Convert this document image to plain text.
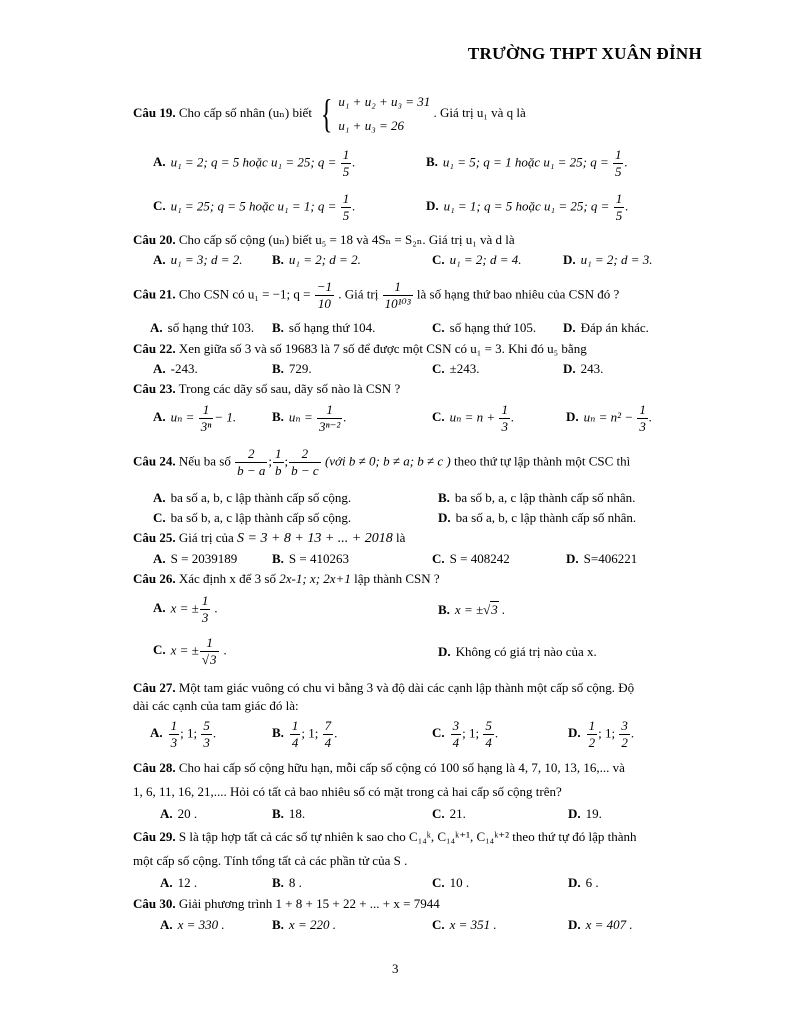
TRƯỜNG THPT XUÂN ĐỈNH
Câu 19. Cho cấp số nhân (uₙ) biết { u₁ + u₂ + u₃ = 31
u₁ + u₃ = 26
. Giá trị u₁ và q là
A. u₁ = 2; q = 5 hoặc u₁ = 25; $q = \frac{1}{5}$ .	B. u₁ = 5; q = 1 hoặc u₁ = 25; $q = \frac{1}{5}$ .
C. u₁ = 25; q = 5 hoặc u₁ = 1; $q = \frac{1}{5}$ .	D. u₁ = 1; q = 5 hoặc u₁ = 25; $q = \frac{1}{5}$ .
Câu 20. Cho cấp số cộng (uₙ) biết u₅ = 18 và 4Sₙ = S₂ₙ. Giá trị u₁ và d là
A. u₁ = 3; d = 2. B. u₁ = 2; d = 2.	C. u₁ = 2; d = 4.	D. u₁ = 2; d = 3.
Câu 21. Cho CSN có u₁ = −1; $q = \frac{-1}{10}$ . Giá trị $\frac{1}{\text{10¹⁰³}}$ là số hạng thứ bao nhiêu của CSN đó ?
A. số hạng thứ 103. B. số hạng thứ 104.	C. số hạng thứ 105. D. Đáp án khác.
Câu 22. Xen giữa số 3 và số 19683 là 7 số để được một CSN có u₁ = 3. Khi đó u₅ bằng
A. -243.	B. 729.	C. ±243.	D. 243.
Câu 23. Trong các dãy số sau, dãy số nào là CSN ?
A. $u_n = \frac{1}{\text{3ⁿ}} - 1$.	B. $u_n = \frac{1}{\text{3ⁿ⁻²}}$ .	C. $u_n = n + \frac{1}{3}$ .	D. $u_n = n^2 - \frac{1}{3}$ .
Câu 24. Nếu ba số $\frac{2}{b - a}$ ; $\frac{1}{b}$ ; $\frac{2}{b - c}$ (với b ≠ 0; b ≠ a; b ≠ c ) theo thứ tự lập thành một CSC thì
A. ba số a, b, c lập thành cấp số cộng.	B. ba số b, a, c lập thành cấp số nhân.
C. ba số b, a, c lập thành cấp số cộng.	D. ba số a, b, c lập thành cấp số nhân.
Câu 25. Giá trị của S = 3 + 8 + 13 + ... + 2018 là
A. S = 2039189	B. S = 410263	C. S = 408242	D. S=406221
Câu 26. Xác định x để 3 số 2x-1; x; 2x+1 lập thành CSN ?
A. x = ± $\frac{1}{3}$ .	B. x = ±√3 .
C. x = ± $\frac{1}{√3}$ .	D. Không có giá trị nào của x.
Câu 27. Một tam giác vuông có chu vi bằng 3 và độ dài các cạnh lập thành một cấp số cộng. Độ
dài các cạnh của tam giác đó là:
A. $\frac{1}{3}$ ; 1; $\frac{5}{3}$ .	B. $\frac{1}{4}$ ; 1; $\frac{7}{4}$ .	C. $\frac{3}{4}$ ; 1; $\frac{5}{4}$ .	D. $\frac{1}{2}$ ; 1; $\frac{3}{2}$ .
Câu 28. Cho hai cấp số cộng hữu hạn, mỗi cấp số cộng có 100 số hạng là 4, 7, 10, 13, 16,... và
1, 6, 11, 16, 21,.... Hỏi có tất cả bao nhiêu số có mặt trong cả hai cấp số cộng trên?
A. 20 .	B. 18.	C. 21.	D. 19.
Câu 29. S là tập hợp tất cả các số tự nhiên k sao cho C₁₄ᵏ, C₁₄ᵏ⁺¹, C₁₄ᵏ⁺² theo thứ tự đó lập thành
một cấp số cộng. Tính tổng tất cả các phần tử của S .
A. 12 .	B. 8 .	C. 10 .	D. 6 .
Câu 30. Giải phương trình 1 + 8 + 15 + 22 + ... + x = 7944
A. x = 330 .	B. x = 220 .	C. x = 351 .	D. x = 407 .
3
